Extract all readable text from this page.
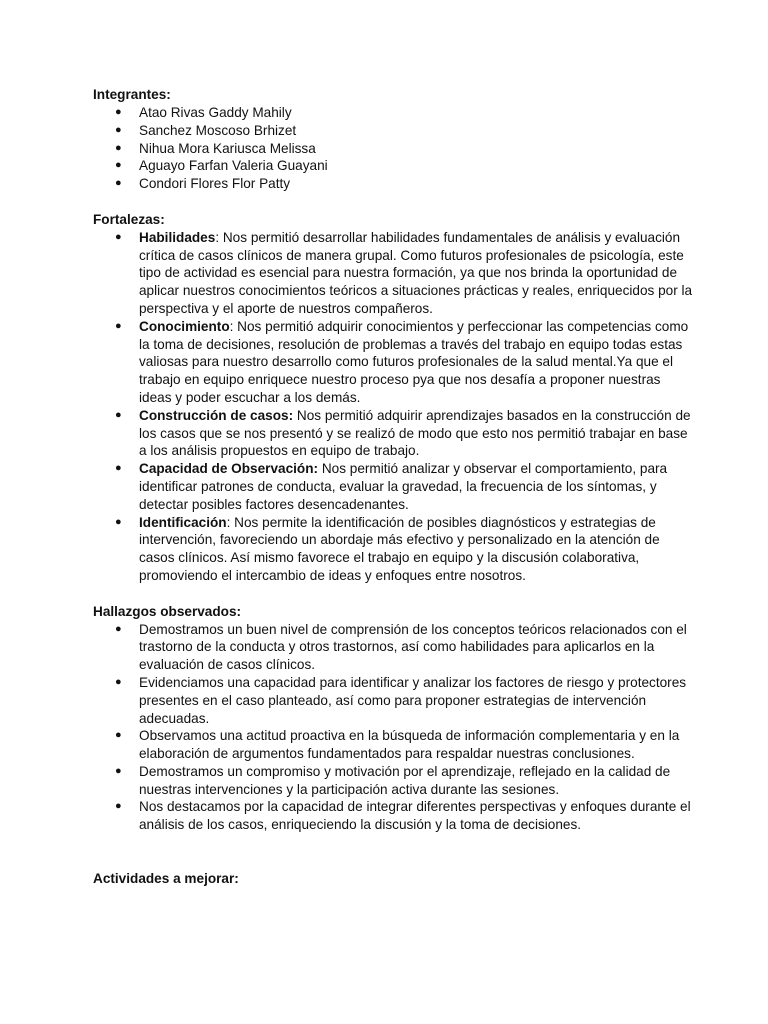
Integrantes:
● Atao Rivas Gaddy Mahily
● Sanchez Moscoso Brhizet
● Nihua Mora Kariusca Melissa
● Aguayo Farfan Valeria Guayani
● Condori Flores Flor Patty
Fortalezas:
● Habilidades: Nos permitió desarrollar habilidades fundamentales de análisis y evaluación crítica de casos clínicos de manera grupal. Como futuros profesionales de psicología, este tipo de actividad es esencial para nuestra formación, ya que nos brinda la oportunidad de aplicar nuestros conocimientos teóricos a situaciones prácticas y reales, enriquecidos por la perspectiva y el aporte de nuestros compañeros.
● Conocimiento: Nos permitió adquirir conocimientos y perfeccionar las competencias como la toma de decisiones, resolución de problemas a través del trabajo en equipo todas estas valiosas para nuestro desarrollo como futuros profesionales de la salud mental.Ya que el trabajo en equipo enriquece nuestro proceso pya que nos desafía a proponer nuestras ideas y poder escuchar a los demás.
● Construcción de casos: Nos permitió adquirir aprendizajes basados en la construcción de los casos que se nos presentó y se realizó de modo que esto nos permitió trabajar en base a los análisis propuestos en equipo de trabajo.
● Capacidad de Observación: Nos permitió analizar y observar el comportamiento, para identificar patrones de conducta, evaluar la gravedad, la frecuencia de los síntomas, y detectar posibles factores desencadenantes.
● Identificación: Nos permite la identificación de posibles diagnósticos y estrategias de intervención, favoreciendo un abordaje más efectivo y personalizado en la atención de casos clínicos. Así mismo favorece el trabajo en equipo y la discusión colaborativa, promoviendo el intercambio de ideas y enfoques entre nosotros.
Hallazgos observados:
● Demostramos un buen nivel de comprensión de los conceptos teóricos relacionados con el trastorno de la conducta y otros trastornos, así como habilidades para aplicarlos en la evaluación de casos clínicos.
● Evidenciamos una capacidad para identificar y analizar los factores de riesgo y protectores presentes en el caso planteado, así como para proponer estrategias de intervención adecuadas.
● Observamos una actitud proactiva en la búsqueda de información complementaria y en la elaboración de argumentos fundamentados para respaldar nuestras conclusiones.
● Demostramos un compromiso y motivación por el aprendizaje, reflejado en la calidad de nuestras intervenciones y la participación activa durante las sesiones.
● Nos destacamos por la capacidad de integrar diferentes perspectivas y enfoques durante el análisis de los casos, enriqueciendo la discusión y la toma de decisiones.
Actividades a mejorar:
